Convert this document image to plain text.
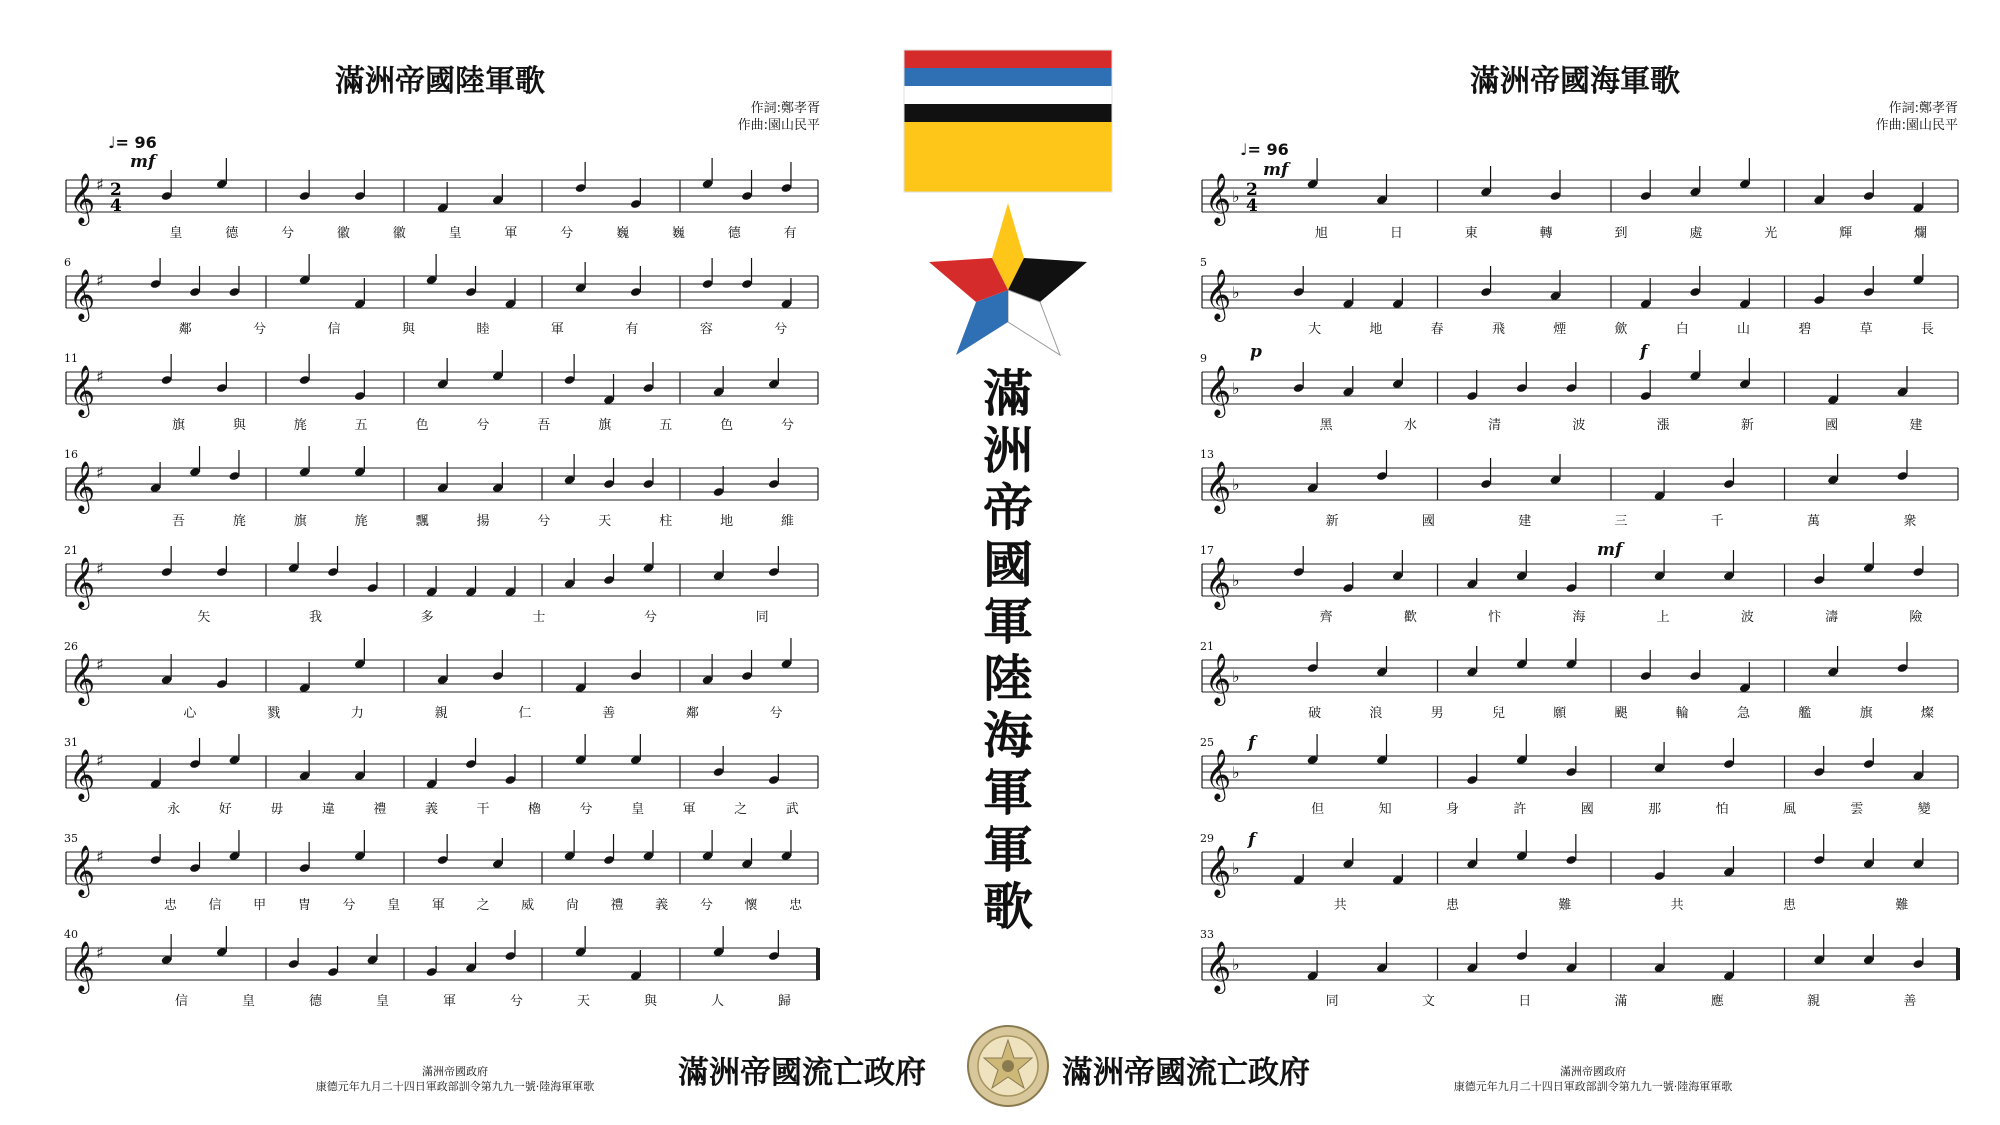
滿洲帝國陸軍歌
作詞:鄭孝胥
作曲:園山民平
♩= 96
mf
𝄞 ♯ 2
4
𝄞 ♯
𝄞 ♯
𝄞 ♯
𝄞 ♯
𝄞 ♯
𝄞 ♯
𝄞 ♯
𝄞 ♯
6
11
16
21
26
31
35
40
皇	德	兮	徽	徽	皇	軍	兮	巍	巍	德	有
鄰	兮	信	與	睦	軍	有	容	兮
旗	與	旄	五	色	兮	吾	旗	五	色	兮
吾	旄	旗	旄	飄	揚	兮	天	柱	地	維
矢	我	多	士	兮	同
心	戮	力	親	仁	善	鄰	兮
永	好	毋	違	禮	義	干	櫓	兮	皇	軍	之	武
忠 信 甲 冑 兮 皇 軍 之 威 尙 禮 義 兮 懷 忠
信	皇	德	皇	軍	兮	天	與	人	歸
滿洲帝國政府
康德元年九月二十四日軍政部訓令第九九一號·陸海軍軍歌
滿洲帝國海軍歌
作詞:鄭孝胥
作曲:園山民平
♩= 96
mf
p	f
mf
f
f
𝄞 ♭ 2
4
𝄞 ♭
𝄞 ♭
𝄞 ♭
𝄞 ♭
𝄞 ♭
𝄞 ♭
𝄞 ♭
𝄞 ♭
5
9
13
17
21
25
29
33
旭	日	東	轉	到	處	光	輝	爛
大	地	春	飛	煙	歛	白	山	碧	草	長
黑	水	清	波	漲	新	國	建
新	國	建	三	千	萬	衆
齊	歡	忭	海	上	波	濤	險
破	浪	男	兒	願	颶	輪	急	艦	旗	燦
但	知	身	許	國	那	怕	風	雲	變
共	患	難	共	患	難
同	文	日	滿	應	親	善
滿洲帝國政府
康德元年九月二十四日軍政部訓令第九九一號·陸海軍軍歌
滿
洲
帝
國
軍
陸
海
軍
軍
歌
滿洲帝國流亡政府	滿洲帝國流亡政府
